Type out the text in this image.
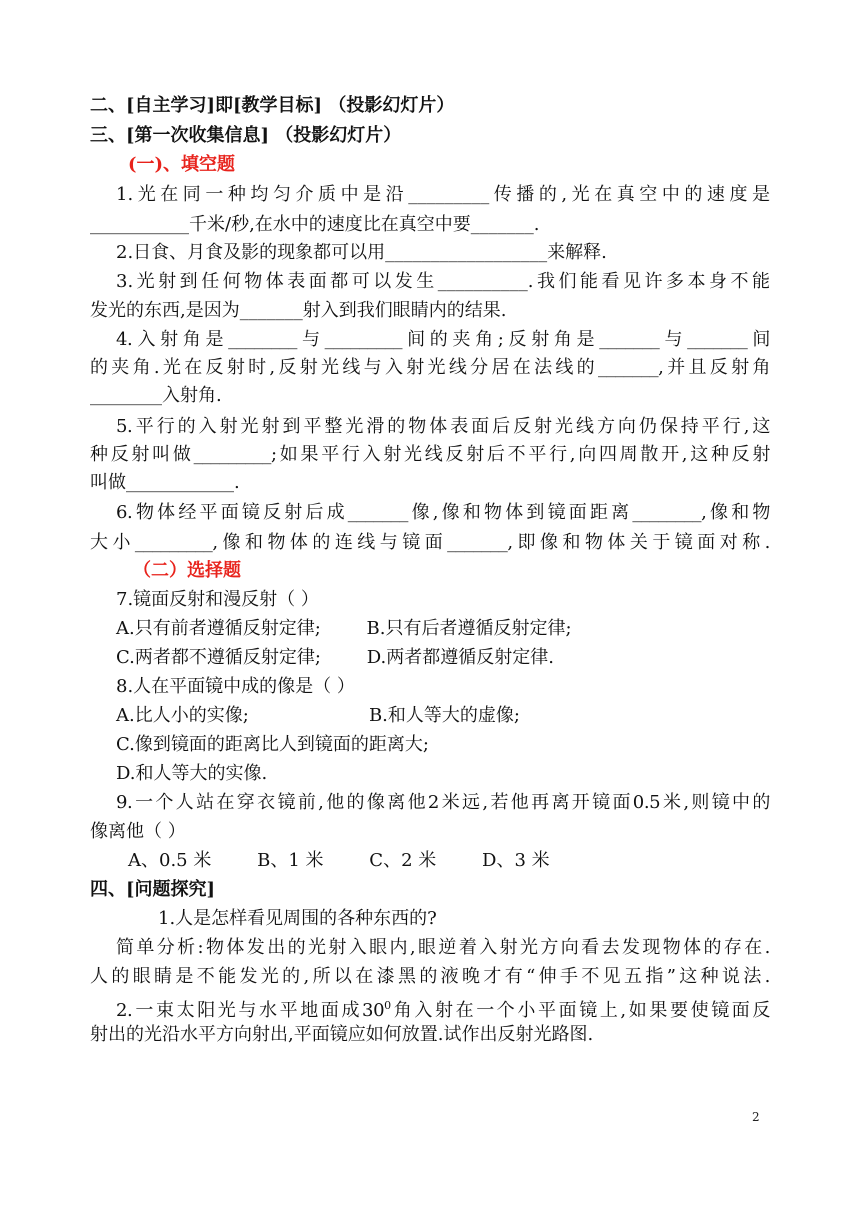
二、[自主学习]即[教学目标] （投影幻灯片）
三、[第一次收集信息] （投影幻灯片）
(一)、填空题
1.光在同一种均匀介质中是沿_________传播的,光在真空中的速度是
___________千米/秒,在水中的速度比在真空中要_______.
2.日食、月食及影的现象都可以用__________________来解释.
3.光射到任何物体表面都可以发生__________.我们能看见许多本身不能
发光的东西,是因为_______射入到我们眼睛内的结果.
4.入射角是________与_________间的夹角;反射角是_______与_______间
的夹角.光在反射时,反射光线与入射光线分居在法线的_______,并且反射角
________入射角.
5.平行的入射光射到平整光滑的物体表面后反射光线方向仍保持平行,这
种反射叫做_________;如果平行入射光线反射后不平行,向四周散开,这种反射
叫做____________.
6.物体经平面镜反射后成_______像,像和物体到镜面距离________,像和物
大小_________,像和物体的连线与镜面_______,即像和物体关于镜面对称.
（二）选择题
7.镜面反射和漫反射（ ）
A.只有前者遵循反射定律;        B.只有后者遵循反射定律;
C.两者都不遵循反射定律;        D.两者都遵循反射定律.
8.人在平面镜中成的像是（ ）
A.比人小的实像;                     B.和人等大的虚像;
C.像到镜面的距离比人到镜面的距离大;
D.和人等大的实像.
9.一个人站在穿衣镜前,他的像离他2米远,若他再离开镜面0.5米,则镜中的
像离他（ ）
A、0.5 米        B、1 米        C、2 米        D、3 米
四、[问题探究]
1.人是怎样看见周围的各种东西的?
简单分析:物体发出的光射入眼内,眼逆着入射光方向看去发现物体的存在.
人的眼睛是不能发光的,所以在漆黑的液晚才有“伸手不见五指”这种说法.
2.一束太阳光与水平地面成$30^0$角入射在一个小平面镜上,如果要使镜面反
射出的光沿水平方向射出,平面镜应如何放置.试作出反射光路图.
2
